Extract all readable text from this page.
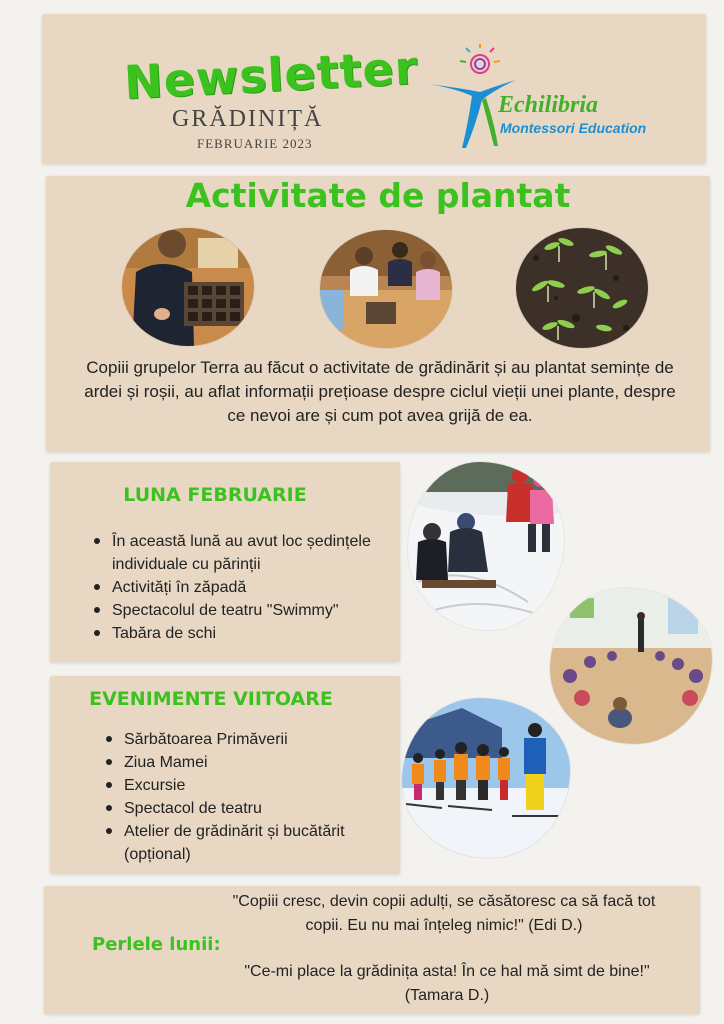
Newsletter
GRĂDINIȚĂ
FEBRUARIE 2023
Echilibria
Montessori Education
Activitate de plantat
Copiii grupelor Terra au făcut o activitate de grădinărit și au plantat semințe de ardei și roșii, au aflat informații prețioase despre ciclul vieții unei plante, despre ce nevoi are și cum pot avea grijă de ea.
LUNA FEBRUARIE
În această lună au avut loc ședințele individuale cu părinții
Activități în zăpadă
Spectacolul de teatru "Swimmy"
Tabăra de schi
EVENIMENTE VIITOARE
Sărbătoarea Primăverii
Ziua Mamei
Excursie
Spectacol de teatru
Atelier de grădinărit și bucătărit (opțional)
Perlele lunii:
"Copiii cresc, devin copii adulți, se căsătoresc ca să facă tot copii. Eu nu mai înțeleg nimic!" (Edi D.)
"Ce-mi place la grădinița asta! În ce hal mă simt de bine!" (Tamara D.)
